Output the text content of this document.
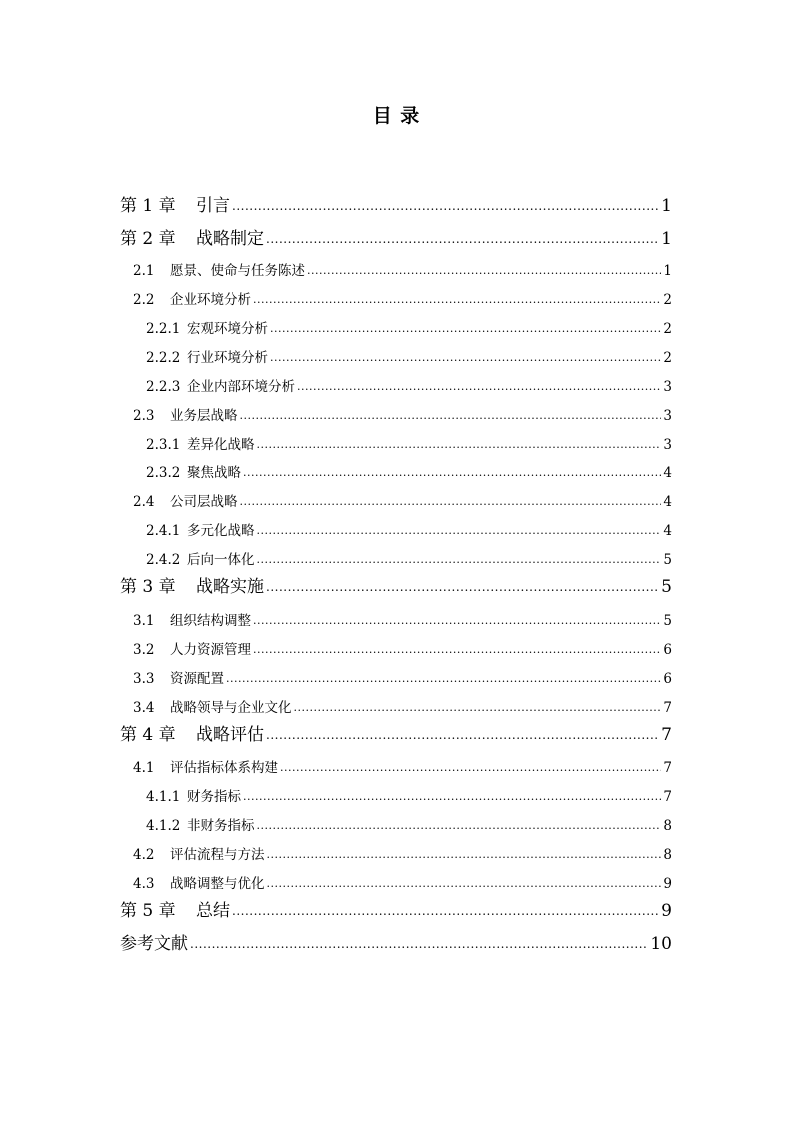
目 录
第 1 章	引言 .....	1
第 2 章	战略制定 .....	1
2.1	愿景、使命与任务陈述 .....	1
2.2	企业环境分析 .....	2
2.2.1 宏观环境分析 .....	2
2.2.2 行业环境分析 .....	2
2.2.3 企业内部环境分析 .....	3
2.3	业务层战略 .....	3
2.3.1 差异化战略 .....	3
2.3.2 聚焦战略 .....	4
2.4	公司层战略 .....	4
2.4.1 多元化战略 .....	4
2.4.2 后向一体化 .....	5
第 3 章	战略实施 .....	5
3.1	组织结构调整 .....	5
3.2	人力资源管理 .....	6
3.3	资源配置 .....	6
3.4	战略领导与企业文化 .....	7
第 4 章	战略评估 .....	7
4.1	评估指标体系构建 .....	7
4.1.1 财务指标 .....	7
4.1.2 非财务指标 .....	8
4.2	评估流程与方法 .....	8
4.3	战略调整与优化 .....	9
第 5 章	总结 .....	9
参考文献 .....	10
